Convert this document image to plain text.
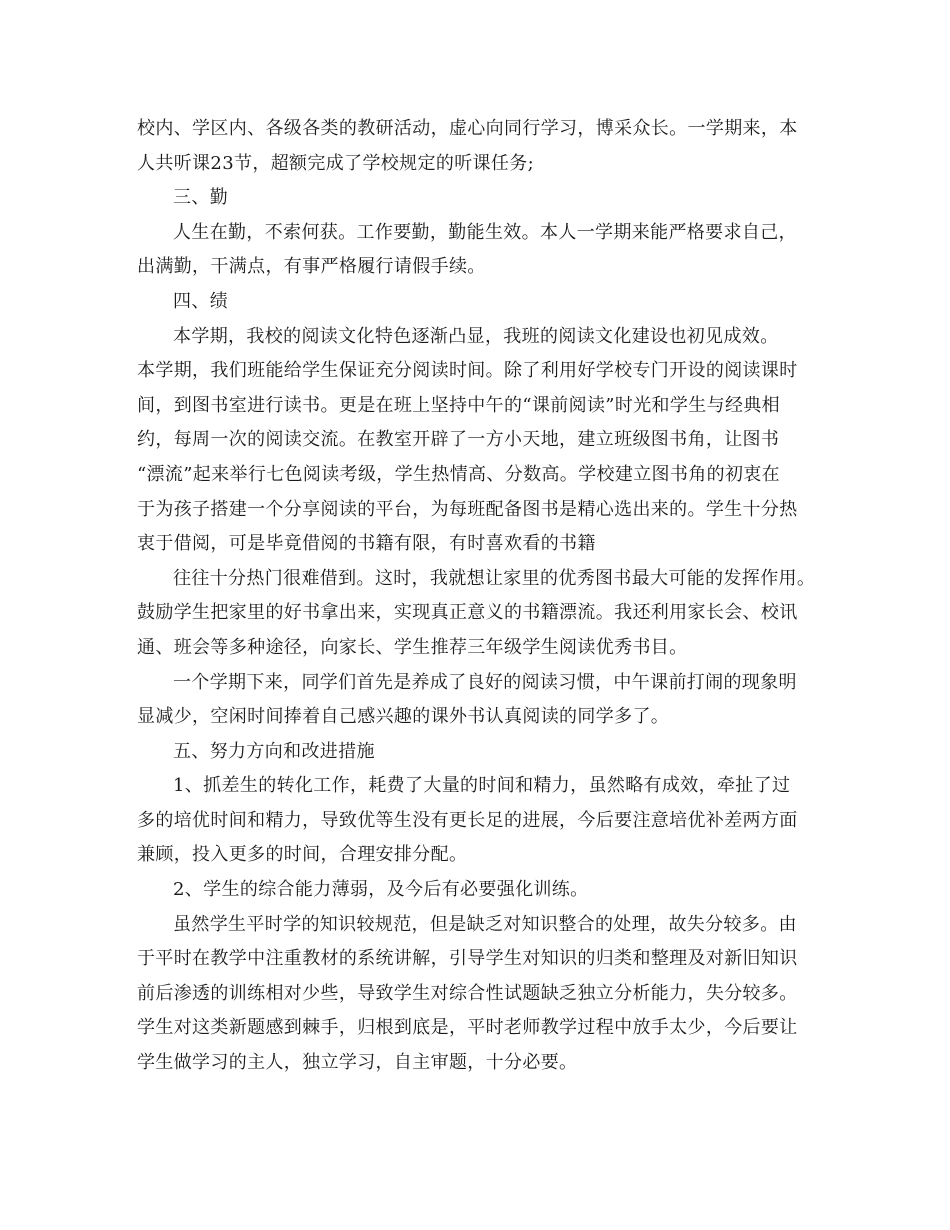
校内、学区内、各级各类的教研活动，虚心向同行学习，博采众长。一学期来，本
人共听课23节，超额完成了学校规定的听课任务;
三、勤
人生在勤，不索何获。工作要勤，勤能生效。本人一学期来能严格要求自己，
出满勤，干满点，有事严格履行请假手续。
四、绩
本学期，我校的阅读文化特色逐渐凸显，我班的阅读文化建设也初见成效。
本学期，我们班能给学生保证充分阅读时间。除了利用好学校专门开设的阅读课时
间，到图书室进行读书。更是在班上坚持中午的“课前阅读”时光和学生与经典相
约，每周一次的阅读交流。在教室开辟了一方小天地，建立班级图书角，让图书
“漂流”起来举行七色阅读考级，学生热情高、分数高。学校建立图书角的初衷在
于为孩子搭建一个分享阅读的平台，为每班配备图书是精心选出来的。学生十分热
衷于借阅，可是毕竟借阅的书籍有限，有时喜欢看的书籍
往往十分热门很难借到。这时，我就想让家里的优秀图书最大可能的发挥作用。
鼓励学生把家里的好书拿出来，实现真正意义的书籍漂流。我还利用家长会、校讯
通、班会等多种途径，向家长、学生推荐三年级学生阅读优秀书目。
一个学期下来，同学们首先是养成了良好的阅读习惯，中午课前打闹的现象明
显减少，空闲时间捧着自己感兴趣的课外书认真阅读的同学多了。
五、努力方向和改进措施
1、抓差生的转化工作，耗费了大量的时间和精力，虽然略有成效，牵扯了过
多的培优时间和精力，导致优等生没有更长足的进展，今后要注意培优补差两方面
兼顾，投入更多的时间，合理安排分配。
2、学生的综合能力薄弱，及今后有必要强化训练。
虽然学生平时学的知识较规范，但是缺乏对知识整合的处理，故失分较多。由
于平时在教学中注重教材的系统讲解，引导学生对知识的归类和整理及对新旧知识
前后渗透的训练相对少些，导致学生对综合性试题缺乏独立分析能力，失分较多。
学生对这类新题感到棘手，归根到底是，平时老师教学过程中放手太少，今后要让
学生做学习的主人，独立学习，自主审题，十分必要。
